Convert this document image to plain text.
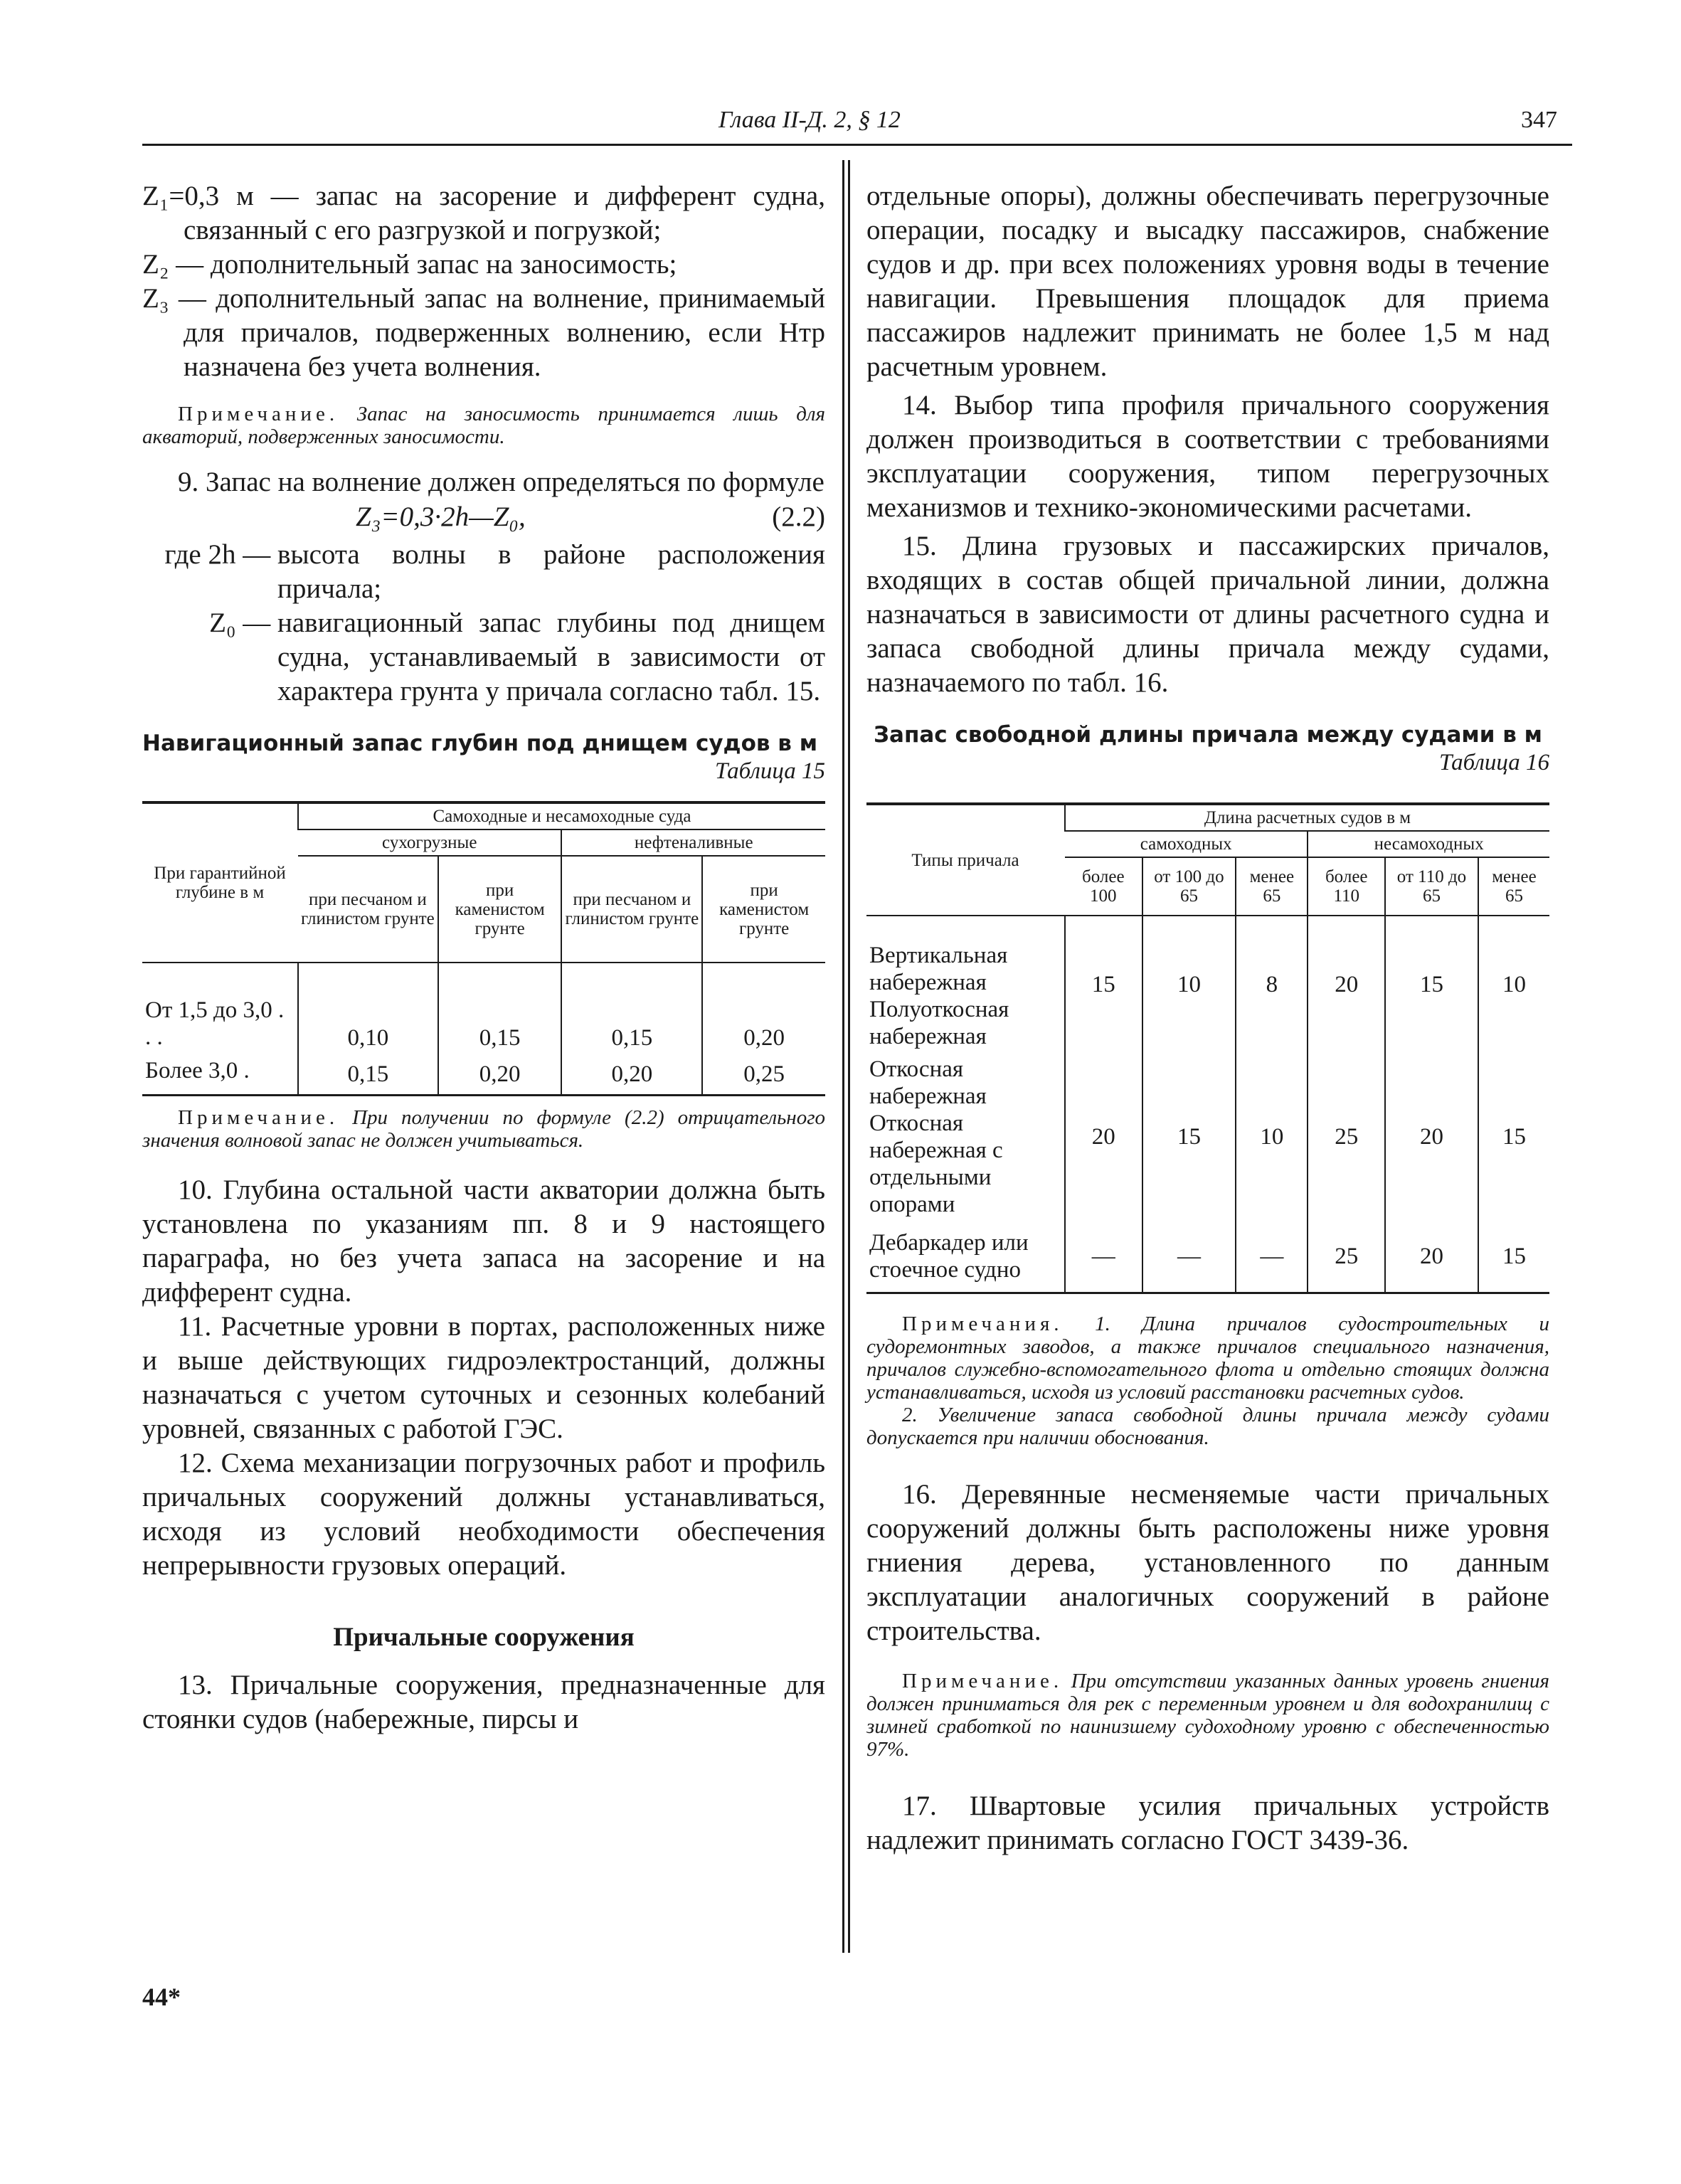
Глава II-Д. 2, § 12	347
Z₁=0,3 м — запас на засорение и дифферент судна, связанный с его разгрузкой и погрузкой;
Z₂ — дополнительный запас на заносимость;
Z₃ — дополнительный запас на волнение, принимаемый для причалов, подверженных волнению, если Hтр назначена без учета волнения.
Примечание. Запас на заносимость принимается лишь для акваторий, подверженных заносимости.
9. Запас на волнение должен определяться по формуле
Z₃=0,3·2h—Z₀,	(2.2)
где 2h — высота волны в районе расположения причала;
Z₀ — навигационный запас глубины под днищем судна, устанавливаемый в зависимости от характера грунта у причала согласно табл. 15.
Навигационный запас глубин под днищем судов в м
Таблица 15
При гарантийной глубине в м	Самоходные и несамоходные суда			
	сухогрузные		нефтеналивные	
	при песчаном и глинистом грунте	при каменистом грунте	при песчаном и глинистом грунте	при каменистом грунте
От 1,5 до 3,0 . . .	0,10	0,15	0,15	0,20
Более 3,0 .	0,15	0,20	0,20	0,25
Примечание. При получении по формуле (2.2) отрицательного значения волновой запас не должен учитываться.
10. Глубина остальной части акватории должна быть установлена по указаниям пп. 8 и 9 настоящего параграфа, но без учета запаса на засорение и на дифферент судна.
11. Расчетные уровни в портах, расположенных ниже и выше действующих гидроэлектростанций, должны назначаться с учетом суточных и сезонных колебаний уровней, связанных с работой ГЭС.
12. Схема механизации погрузочных работ и профиль причальных сооружений должны устанавливаться, исходя из условий необходимости обеспечения непрерывности грузовых операций.
Причальные сооружения
13. Причальные сооружения, предназначенные для стоянки судов (набережные, пирсы и
отдельные опоры), должны обеспечивать перегрузочные операции, посадку и высадку пассажиров, снабжение судов и др. при всех положениях уровня воды в течение навигации. Превышения площадок для приема пассажиров надлежит принимать не более 1,5 м над расчетным уровнем.
14. Выбор типа профиля причального сооружения должен производиться в соответствии с требованиями эксплуатации сооружения, типом перегрузочных механизмов и технико-экономическими расчетами.
15. Длина грузовых и пассажирских причалов, входящих в состав общей причальной линии, должна назначаться в зависимости от длины расчетного судна и запаса свободной длины причала между судами, назначаемого по табл. 16.
Запас свободной длины причала между судами в м
Таблица 16
Типы причала	Длина расчетных судов в м					
	самоходных			несамоходных		
	более 100	от 100 до 65	менее 65	более 110	от 110 до 65	менее 65
Вертикальная набережная Полуоткосная набережная	15	10	8	20	15	10
Откосная набережная Откосная набережная с отдельными опорами	20	15	10	25	20	15
Дебаркадер или стоечное судно	—	—	—	25	20	15
Примечания. 1. Длина причалов судостроительных и судоремонтных заводов, а также причалов специального назначения, причалов служебно-вспомогательного флота и отдельно стоящих должна устанавливаться, исходя из условий расстановки расчетных судов.
2. Увеличение запаса свободной длины причала между судами допускается при наличии обоснования.
16. Деревянные несменяемые части причальных сооружений должны быть расположены ниже уровня гниения дерева, установленного по данным эксплуатации аналогичных сооружений в районе строительства.
Примечание. При отсутствии указанных данных уровень гниения должен приниматься для рек с переменным уровнем и для водохранилищ с зимней сработкой по наинизшему судоходному уровню с обеспеченностью 97%.
17. Швартовые усилия причальных устройств надлежит принимать согласно ГОСТ 3439-36.
44*
